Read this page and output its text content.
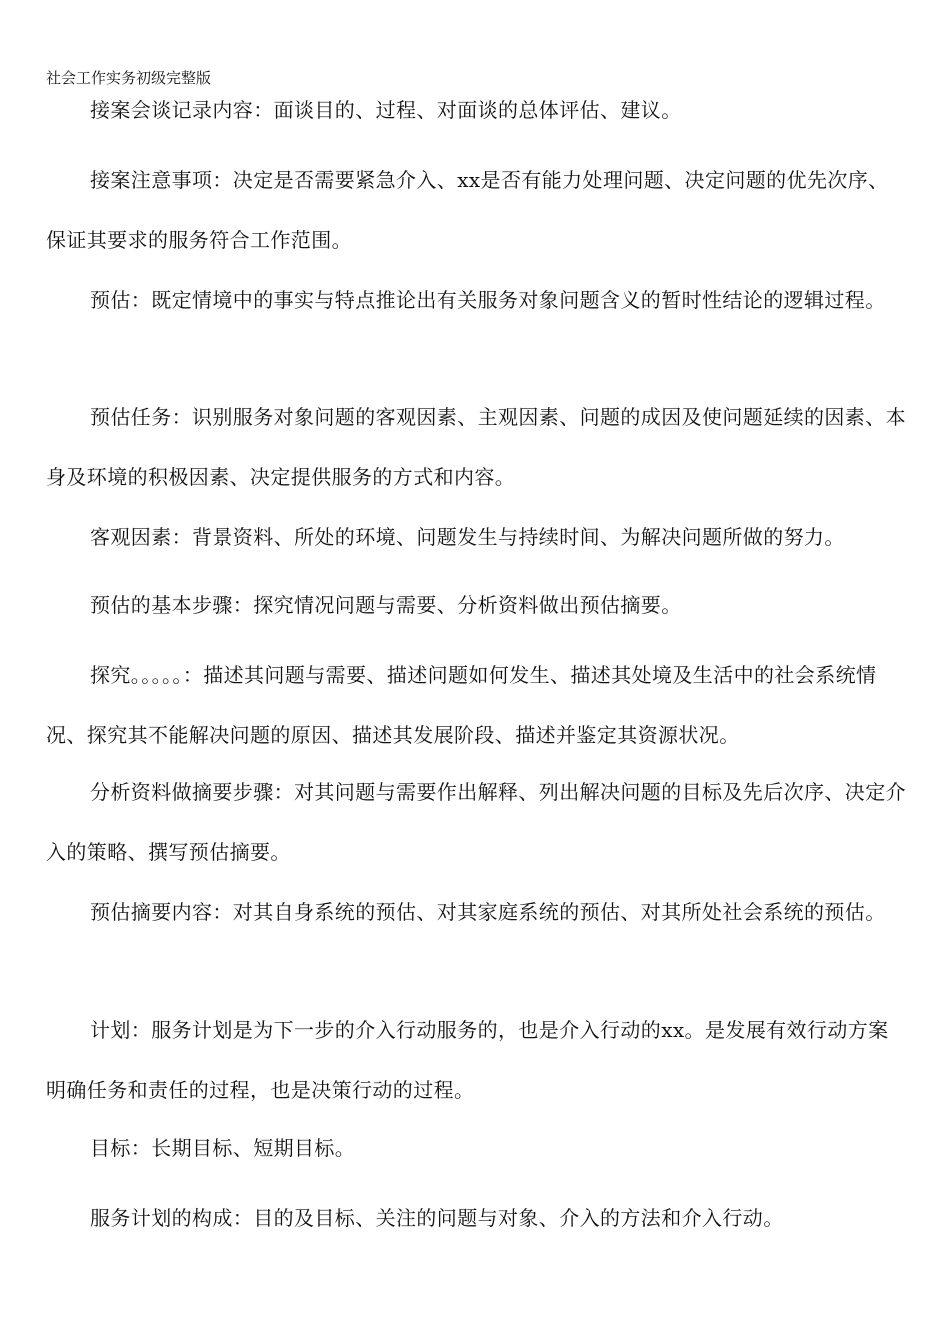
社会工作实务初级完整版

接案会谈记录内容：面谈目的、过程、对面谈的总体评估、建议。

接案注意事项：决定是否需要紧急介入、xx是否有能力处理问题、决定问题的优先次序、保证其要求的服务符合工作范围。

预估：既定情境中的事实与特点推论出有关服务对象问题含义的暂时性结论的逻辑过程。

预估任务：识别服务对象问题的客观因素、主观因素、问题的成因及使问题延续的因素、本身及环境的积极因素、决定提供服务的方式和内容。

客观因素：背景资料、所处的环境、问题发生与持续时间、为解决问题所做的努力。

预估的基本步骤：探究情况问题与需要、分析资料做出预估摘要。

探究。。。。。：描述其问题与需要、描述问题如何发生、描述其处境及生活中的社会系统情况、探究其不能解决问题的原因、描述其发展阶段、描述并鉴定其资源状况。

分析资料做摘要步骤：对其问题与需要作出解释、列出解决问题的目标及先后次序、决定介入的策略、撰写预估摘要。

预估摘要内容：对其自身系统的预估、对其家庭系统的预估、对其所处社会系统的预估。

计划：服务计划是为下一步的介入行动服务的，也是介入行动的xx。是发展有效行动方案明确任务和责任的过程，也是决策行动的过程。

目标：长期目标、短期目标。

服务计划的构成：目的及目标、关注的问题与对象、介入的方法和介入行动。
